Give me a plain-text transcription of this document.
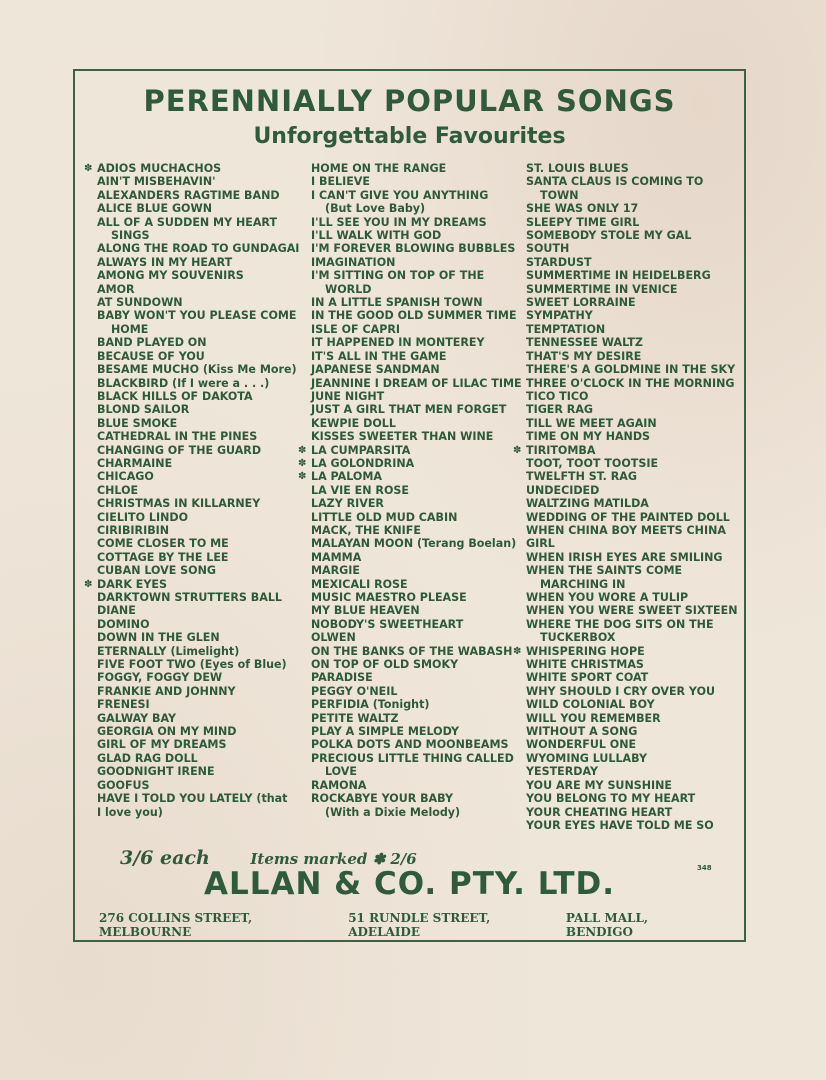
PERENNIALLY POPULAR SONGS
Unforgettable Favourites
✽ ADIOS MUCHACHOS
AIN'T MISBEHAVIN'
ALEXANDERS RAGTIME BAND
ALICE BLUE GOWN
ALL OF A SUDDEN MY HEART
SINGS
ALONG THE ROAD TO GUNDAGAI
ALWAYS IN MY HEART
AMONG MY SOUVENIRS
AMOR
AT SUNDOWN
BABY WON'T YOU PLEASE COME
HOME
BAND PLAYED ON
BECAUSE OF YOU
BESAME MUCHO (Kiss Me More)
BLACKBIRD (If I were a . . .)
BLACK HILLS OF DAKOTA
BLOND SAILOR
BLUE SMOKE
CATHEDRAL IN THE PINES
CHANGING OF THE GUARD
CHARMAINE
CHICAGO
CHLOE
CHRISTMAS IN KILLARNEY
CIELITO LINDO
CIRIBIRIBIN
COME CLOSER TO ME
COTTAGE BY THE LEE
CUBAN LOVE SONG
✽ DARK EYES
DARKTOWN STRUTTERS BALL
DIANE
DOMINO
DOWN IN THE GLEN
ETERNALLY (Limelight)
FIVE FOOT TWO (Eyes of Blue)
FOGGY, FOGGY DEW
FRANKIE AND JOHNNY
FRENESI
GALWAY BAY
GEORGIA ON MY MIND
GIRL OF MY DREAMS
GLAD RAG DOLL
GOODNIGHT IRENE
GOOFUS
HAVE I TOLD YOU LATELY (that
I love you)
HOME ON THE RANGE
I BELIEVE
I CAN'T GIVE YOU ANYTHING
(But Love Baby)
I'LL SEE YOU IN MY DREAMS
I'LL WALK WITH GOD
I'M FOREVER BLOWING BUBBLES
IMAGINATION
I'M SITTING ON TOP OF THE
WORLD
IN A LITTLE SPANISH TOWN
IN THE GOOD OLD SUMMER TIME
ISLE OF CAPRI
IT HAPPENED IN MONTEREY
IT'S ALL IN THE GAME
JAPANESE SANDMAN
JEANNINE I DREAM OF LILAC TIME
JUNE NIGHT
JUST A GIRL THAT MEN FORGET
KEWPIE DOLL
KISSES SWEETER THAN WINE
✽ LA CUMPARSITA
✽ LA GOLONDRINA
✽ LA PALOMA
LA VIE EN ROSE
LAZY RIVER
LITTLE OLD MUD CABIN
MACK, THE KNIFE
MALAYAN MOON (Terang Boelan)
MAMMA
MARGIE
MEXICALI ROSE
MUSIC MAESTRO PLEASE
MY BLUE HEAVEN
NOBODY'S SWEETHEART
OLWEN
ON THE BANKS OF THE WABASH
ON TOP OF OLD SMOKY
PARADISE
PEGGY O'NEIL
PERFIDIA (Tonight)
PETITE WALTZ
PLAY A SIMPLE MELODY
POLKA DOTS AND MOONBEAMS
PRECIOUS LITTLE THING CALLED
LOVE
RAMONA
ROCKABYE YOUR BABY
(With a Dixie Melody)
ST. LOUIS BLUES
SANTA CLAUS IS COMING TO
TOWN
SHE WAS ONLY 17
SLEEPY TIME GIRL
SOMEBODY STOLE MY GAL
SOUTH
STARDUST
SUMMERTIME IN HEIDELBERG
SUMMERTIME IN VENICE
SWEET LORRAINE
SYMPATHY
TEMPTATION
TENNESSEE WALTZ
THAT'S MY DESIRE
THERE'S A GOLDMINE IN THE SKY
THREE O'CLOCK IN THE MORNING
TICO TICO
TIGER RAG
TILL WE MEET AGAIN
TIME ON MY HANDS
✽ TIRITOMBA
TOOT, TOOT TOOTSIE
TWELFTH ST. RAG
UNDECIDED
WALTZING MATILDA
WEDDING OF THE PAINTED DOLL
WHEN CHINA BOY MEETS CHINA
GIRL
WHEN IRISH EYES ARE SMILING
WHEN THE SAINTS COME
MARCHING IN
WHEN YOU WORE A TULIP
WHEN YOU WERE SWEET SIXTEEN
WHERE THE DOG SITS ON THE
TUCKERBOX
✽ WHISPERING HOPE
WHITE CHRISTMAS
WHITE SPORT COAT
WHY SHOULD I CRY OVER YOU
WILD COLONIAL BOY
WILL YOU REMEMBER
WITHOUT A SONG
WONDERFUL ONE
WYOMING LULLABY
YESTERDAY
YOU ARE MY SUNSHINE
YOU BELONG TO MY HEART
YOUR CHEATING HEART
YOUR EYES HAVE TOLD ME SO
3/6 each	Items marked ✽ 2/6	348
ALLAN & CO. PTY. LTD.
276 COLLINS STREET, MELBOURNE
51 RUNDLE STREET, ADELAIDE
PALL MALL, BENDIGO
